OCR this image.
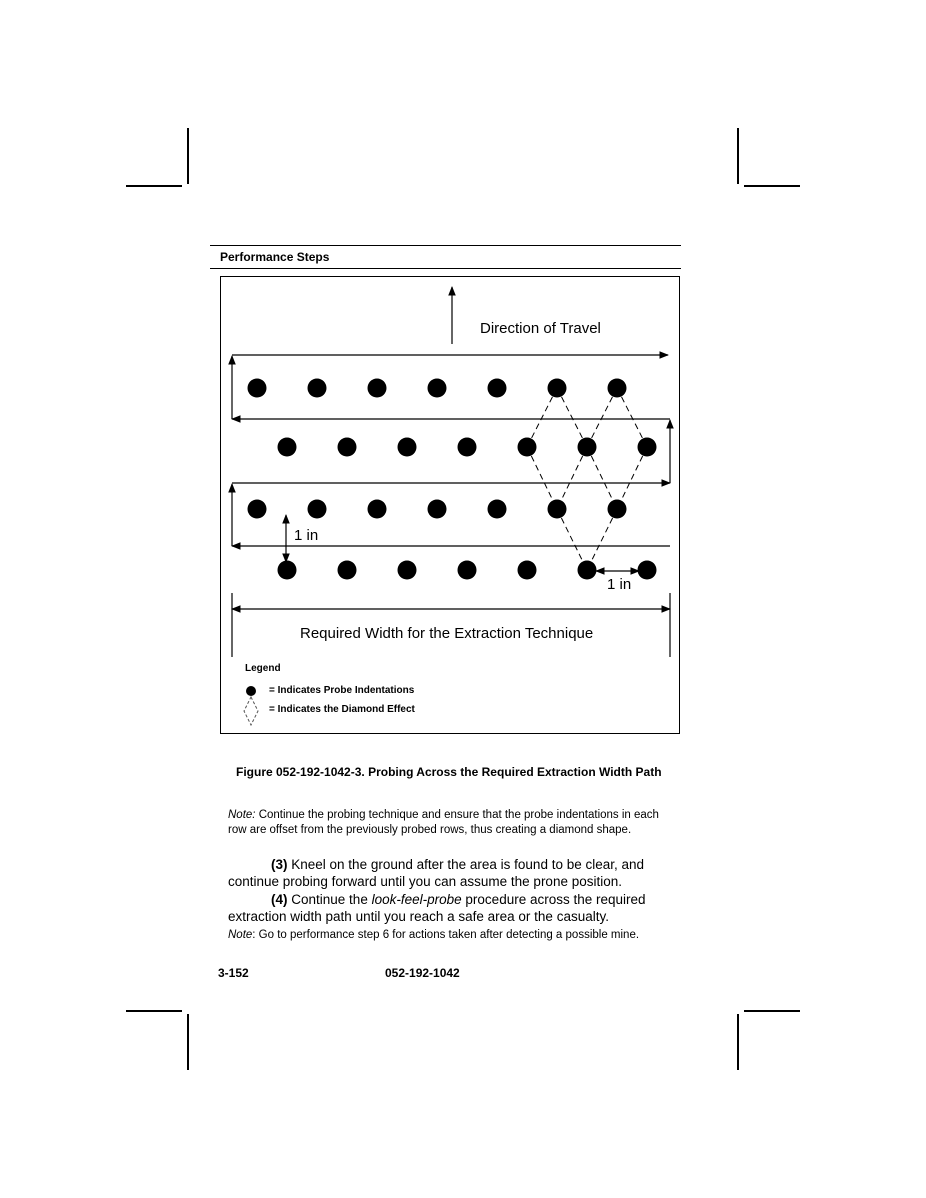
Performance Steps
Direction of Travel
1 in
1 in
Required Width for the Extraction Technique
Legend
= Indicates Probe Indentations
= Indicates the Diamond Effect
Figure 052-192-1042-3. Probing Across the Required Extraction Width Path
Note: Continue the probing technique and ensure that the probe indentations in each row are offset from the previously probed rows, thus creating a diamond shape.
(3) Kneel on the ground after the area is found to be clear, and continue probing forward until you can assume the prone position.
(4) Continue the look-feel-probe procedure across the required extraction width path until you reach a safe area or the casualty.
Note: Go to performance step 6 for actions taken after detecting a possible mine.
3-152	052-192-1042
